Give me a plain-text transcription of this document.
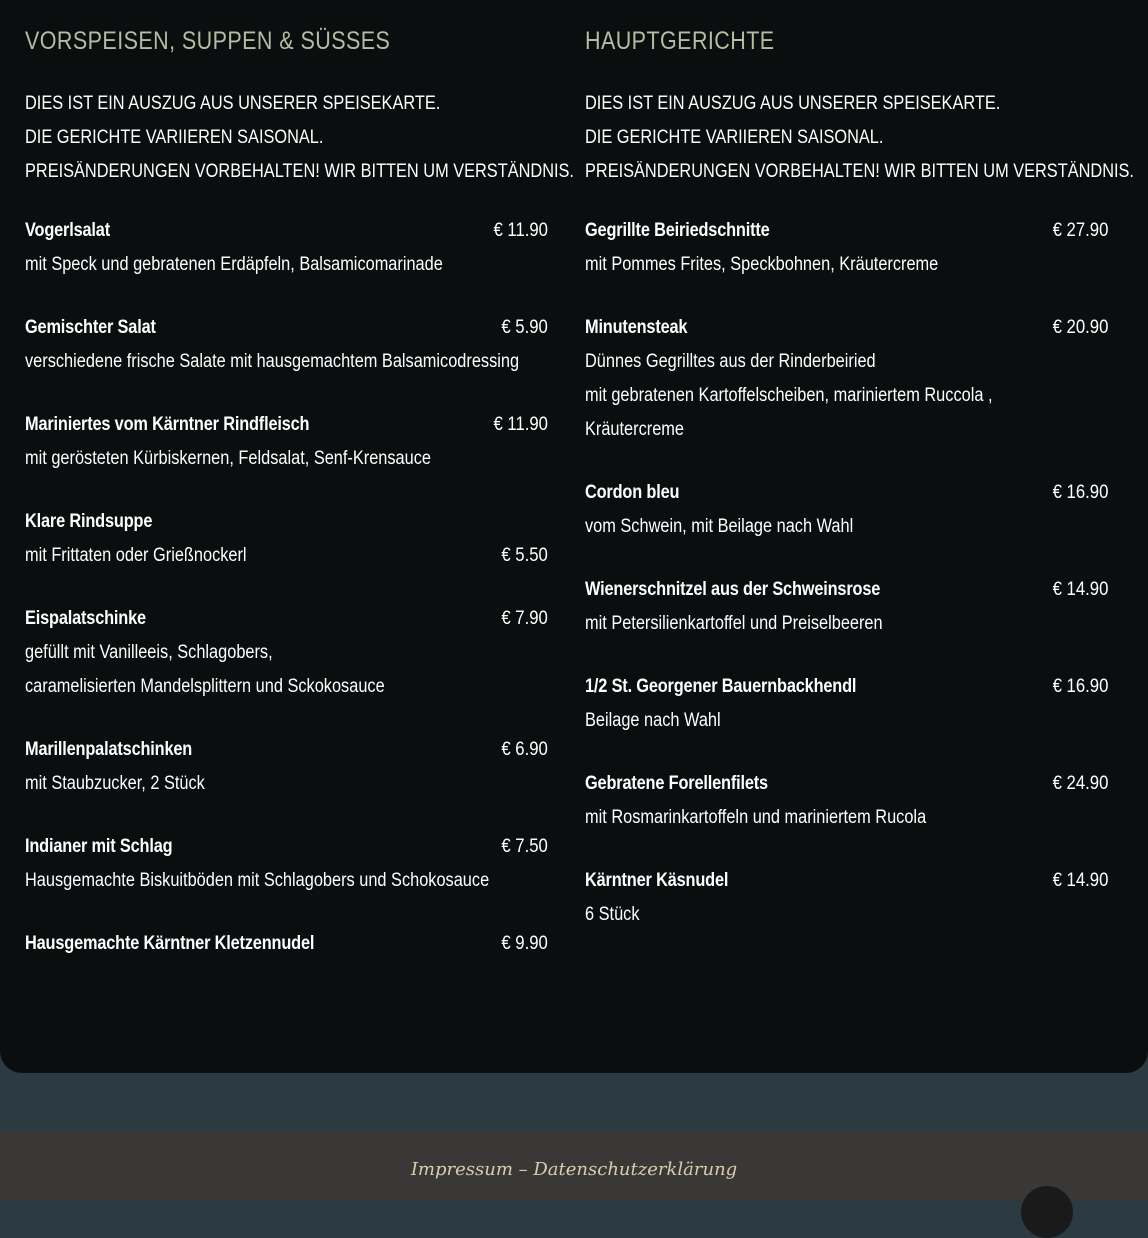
VORSPEISEN, SUPPEN & SÜSSES
DIES IST EIN AUSZUG AUS UNSERER SPEISEKARTE.
DIE GERICHTE VARIIEREN SAISONAL.
PREISÄNDERUNGEN VORBEHALTEN! WIR BITTEN UM VERSTÄNDNIS.
Vogerlsalat	€ 11.90
mit Speck und gebratenen Erdäpfeln, Balsamicomarinade
Gemischter Salat	€ 5.90
verschiedene frische Salate mit hausgemachtem Balsamicodressing
Mariniertes vom Kärntner Rindfleisch	€ 11.90
mit gerösteten Kürbiskernen, Feldsalat, Senf-Krensauce
Klare Rindsuppe
mit Frittaten oder Grießnockerl	€ 5.50
Eispalatschinke	€ 7.90
gefüllt mit Vanilleeis, Schlagobers,
caramelisierten Mandelsplittern und Sckokosauce
Marillenpalatschinken	€ 6.90
mit Staubzucker, 2 Stück
Indianer mit Schlag	€ 7.50
Hausgemachte Biskuitböden mit Schlagobers und Schokosauce
Hausgemachte Kärntner Kletzennudel	€ 9.90
HAUPTGERICHTE
DIES IST EIN AUSZUG AUS UNSERER SPEISEKARTE.
DIE GERICHTE VARIIEREN SAISONAL.
PREISÄNDERUNGEN VORBEHALTEN! WIR BITTEN UM VERSTÄNDNIS.
Gegrillte Beiriedschnitte	€ 27.90
mit Pommes Frites, Speckbohnen, Kräutercreme
Minutensteak	€ 20.90
Dünnes Gegrilltes aus der Rinderbeiried
mit gebratenen Kartoffelscheiben, mariniertem Ruccola ,
Kräutercreme
Cordon bleu	€ 16.90
vom Schwein, mit Beilage nach Wahl
Wienerschnitzel aus der Schweinsrose	€ 14.90
mit Petersilienkartoffel und Preiselbeeren
1/2 St. Georgener Bauernbackhendl	€ 16.90
Beilage nach Wahl
Gebratene Forellenfilets	€ 24.90
mit Rosmarinkartoffeln und mariniertem Rucola
Kärntner Käsnudel	€ 14.90
6 Stück
Impressum – Datenschutzerklärung
